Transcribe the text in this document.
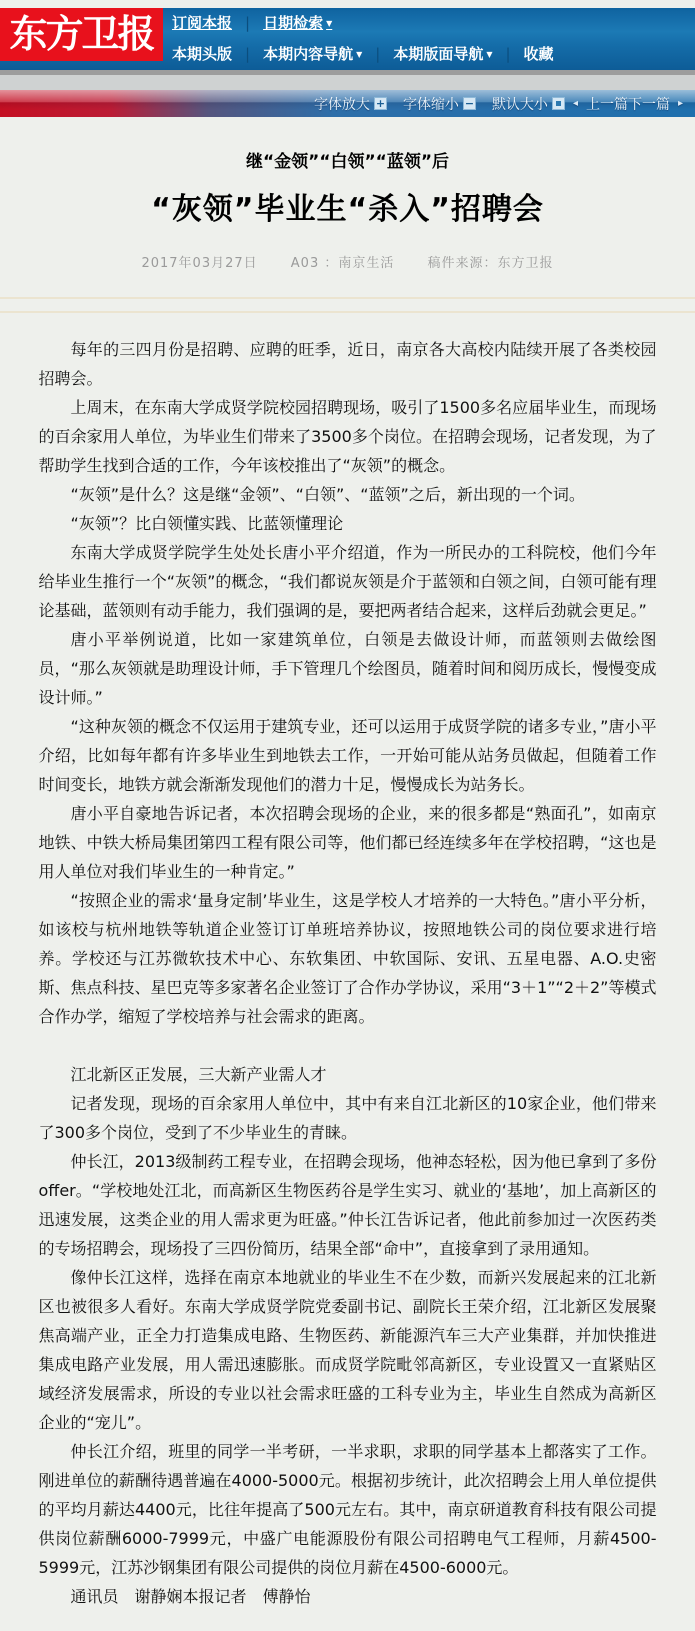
东方卫报	订阅本报 | 日期检索 ▼
本期头版 | 本期内容导航 ▼ | 本期版面导航 ▼ | 收藏
字体放大 + 字体缩小 − 默认大小	◂ 上一篇下一篇 ▸
继“金领”“白领”“蓝领”后
“灰领”毕业生“杀入”招聘会
2017年03月27日	A03 ：南京生活	稿件来源：东方卫报

每年的三四月份是招聘、应聘的旺季，近日，南京各大高校内陆续开展了各类校园招聘会。

上周末，在东南大学成贤学院校园招聘现场，吸引了1500多名应届毕业生，而现场的百余家用人单位，为毕业生们带来了3500多个岗位。在招聘会现场，记者发现，为了帮助学生找到合适的工作，今年该校推出了“灰领”的概念。

“灰领”是什么？这是继“金领”、“白领”、“蓝领”之后，新出现的一个词。

“灰领”？比白领懂实践、比蓝领懂理论

东南大学成贤学院学生处处长唐小平介绍道，作为一所民办的工科院校，他们今年给毕业生推行一个“灰领”的概念，“我们都说灰领是介于蓝领和白领之间，白领可能有理论基础，蓝领则有动手能力，我们强调的是，要把两者结合起来，这样后劲就会更足。”

唐小平举例说道，比如一家建筑单位，白领是去做设计师，而蓝领则去做绘图员，“那么灰领就是助理设计师，手下管理几个绘图员，随着时间和阅历成长，慢慢变成设计师。”

“这种灰领的概念不仅运用于建筑专业，还可以运用于成贤学院的诸多专业，”唐小平介绍，比如每年都有许多毕业生到地铁去工作，一开始可能从站务员做起，但随着工作时间变长，地铁方就会渐渐发现他们的潜力十足，慢慢成长为站务长。

唐小平自豪地告诉记者，本次招聘会现场的企业，来的很多都是“熟面孔”，如南京地铁、中铁大桥局集团第四工程有限公司等，他们都已经连续多年在学校招聘，“这也是用人单位对我们毕业生的一种肯定。”

“按照企业的需求‘量身定制’毕业生，这是学校人才培养的一大特色。”唐小平分析，如该校与杭州地铁等轨道企业签订订单班培养协议，按照地铁公司的岗位要求进行培养。学校还与江苏微软技术中心、东软集团、中软国际、安讯、五星电器、A.O.史密斯、焦点科技、星巴克等多家著名企业签订了合作办学协议，采用“3＋1”“2＋2”等模式合作办学，缩短了学校培养与社会需求的距离。

江北新区正发展，三大新产业需人才

记者发现，现场的百余家用人单位中，其中有来自江北新区的10家企业，他们带来了300多个岗位，受到了不少毕业生的青睐。

仲长江，2013级制药工程专业，在招聘会现场，他神态轻松，因为他已拿到了多份offer。“学校地处江北，而高新区生物医药谷是学生实习、就业的‘基地’，加上高新区的迅速发展，这类企业的用人需求更为旺盛。”仲长江告诉记者，他此前参加过一次医药类的专场招聘会，现场投了三四份简历，结果全部“命中”，直接拿到了录用通知。

像仲长江这样，选择在南京本地就业的毕业生不在少数，而新兴发展起来的江北新区也被很多人看好。东南大学成贤学院党委副书记、副院长王荣介绍，江北新区发展聚焦高端产业，正全力打造集成电路、生物医药、新能源汽车三大产业集群，并加快推进集成电路产业发展，用人需迅速膨胀。而成贤学院毗邻高新区，专业设置又一直紧贴区域经济发展需求，所设的专业以社会需求旺盛的工科专业为主，毕业生自然成为高新区企业的“宠儿”。

仲长江介绍，班里的同学一半考研，一半求职，求职的同学基本上都落实了工作。刚进单位的薪酬待遇普遍在4000-5000元。根据初步统计，此次招聘会上用人单位提供的平均月薪达4400元，比往年提高了500元左右。其中，南京研道教育科技有限公司提供岗位薪酬6000-7999元，中盛广电能源股份有限公司招聘电气工程师，月薪4500-5999元，江苏沙钢集团有限公司提供的岗位月薪在4500-6000元。

通讯员　谢静娴本报记者　傅静怡
